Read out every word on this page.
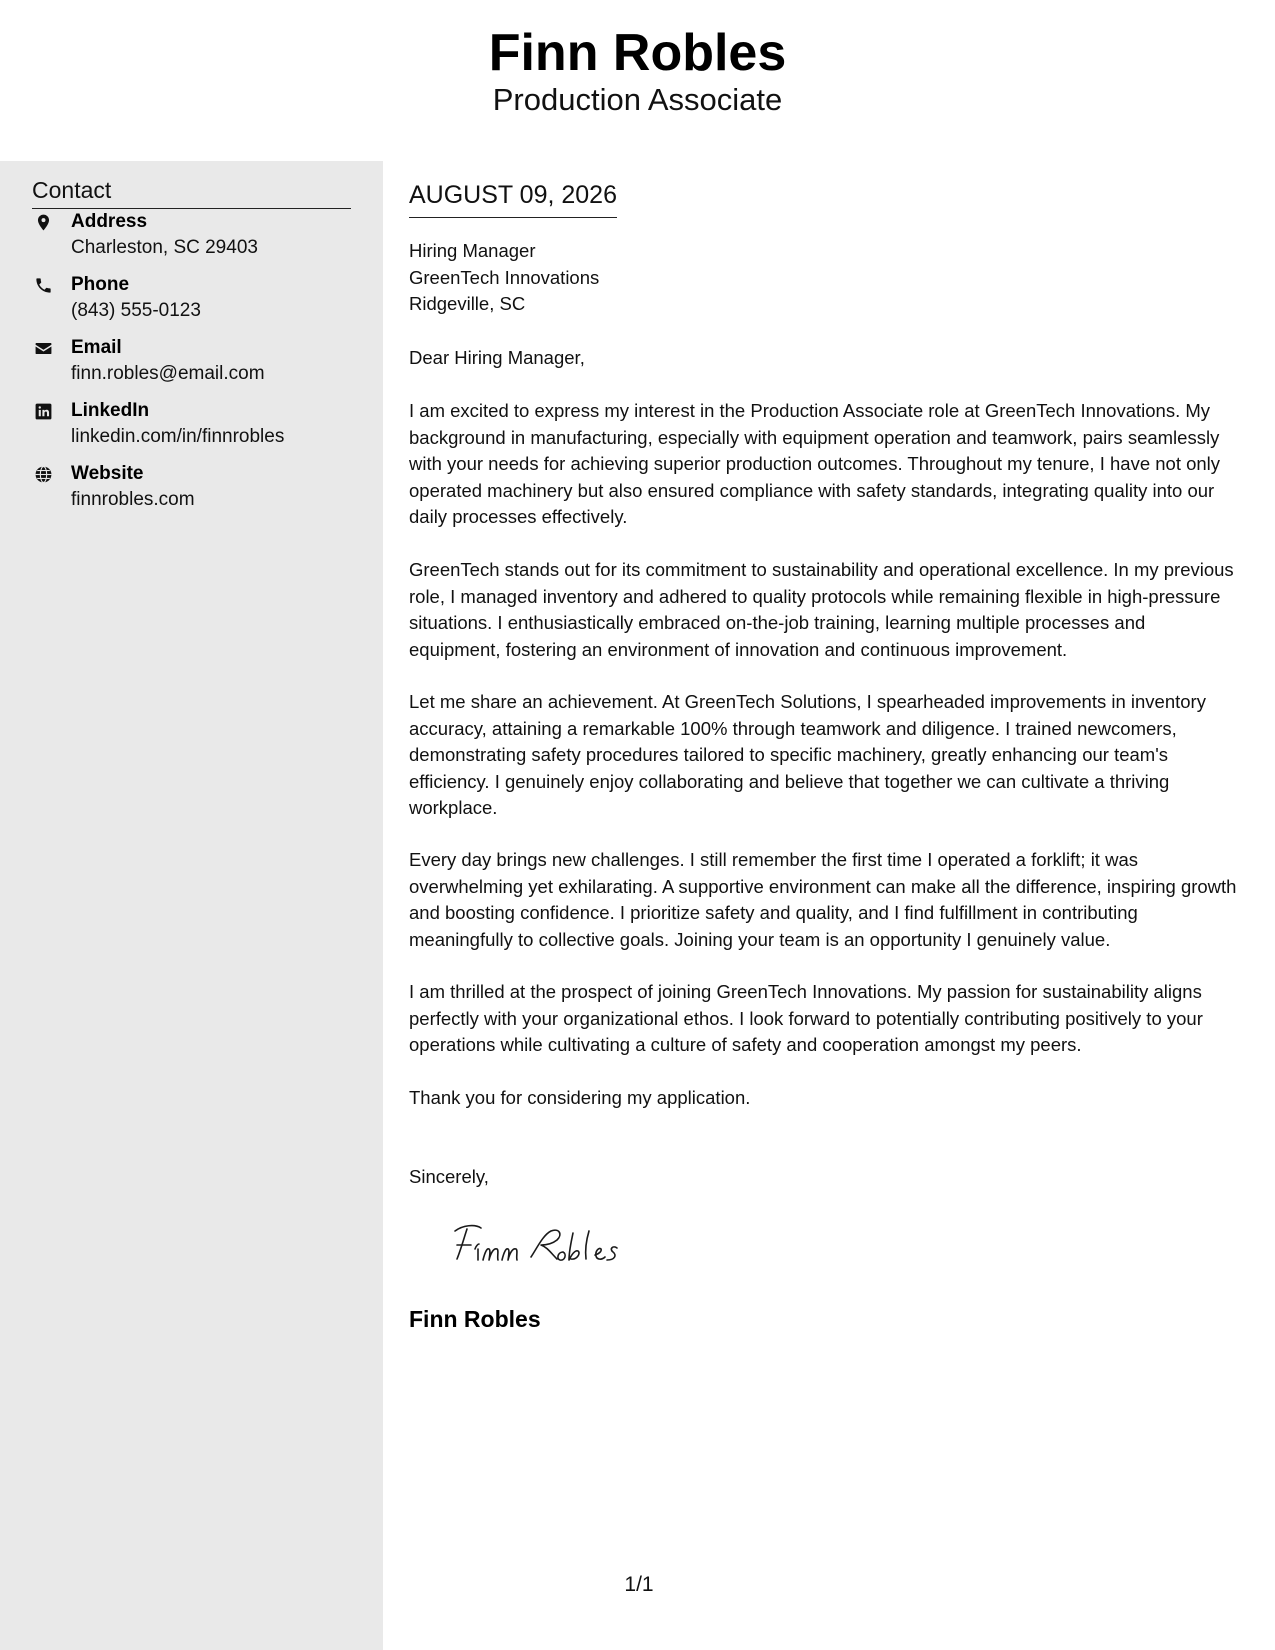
Finn Robles
Production Associate
Contact
Address
Charleston, SC 29403
Phone
(843) 555-0123
Email
finn.robles@email.com
LinkedIn
linkedin.com/in/finnrobles
Website
finnrobles.com
AUGUST 09, 2026
Hiring Manager
GreenTech Innovations
Ridgeville, SC
Dear Hiring Manager,
I am excited to express my interest in the Production Associate role at GreenTech Innovations. My background in manufacturing, especially with equipment operation and teamwork, pairs seamlessly with your needs for achieving superior production outcomes. Throughout my tenure, I have not only operated machinery but also ensured compliance with safety standards, integrating quality into our daily processes effectively.
GreenTech stands out for its commitment to sustainability and operational excellence. In my previous role, I managed inventory and adhered to quality protocols while remaining flexible in high-pressure situations. I enthusiastically embraced on-the-job training, learning multiple processes and equipment, fostering an environment of innovation and continuous improvement.
Let me share an achievement. At GreenTech Solutions, I spearheaded improvements in inventory accuracy, attaining a remarkable 100% through teamwork and diligence. I trained newcomers, demonstrating safety procedures tailored to specific machinery, greatly enhancing our team's efficiency. I genuinely enjoy collaborating and believe that together we can cultivate a thriving workplace.
Every day brings new challenges. I still remember the first time I operated a forklift; it was overwhelming yet exhilarating. A supportive environment can make all the difference, inspiring growth and boosting confidence. I prioritize safety and quality, and I find fulfillment in contributing meaningfully to collective goals. Joining your team is an opportunity I genuinely value.
I am thrilled at the prospect of joining GreenTech Innovations. My passion for sustainability aligns perfectly with your organizational ethos. I look forward to potentially contributing positively to your operations while cultivating a culture of safety and cooperation amongst my peers.
Thank you for considering my application.
Sincerely,
Finn Robles
1/1
